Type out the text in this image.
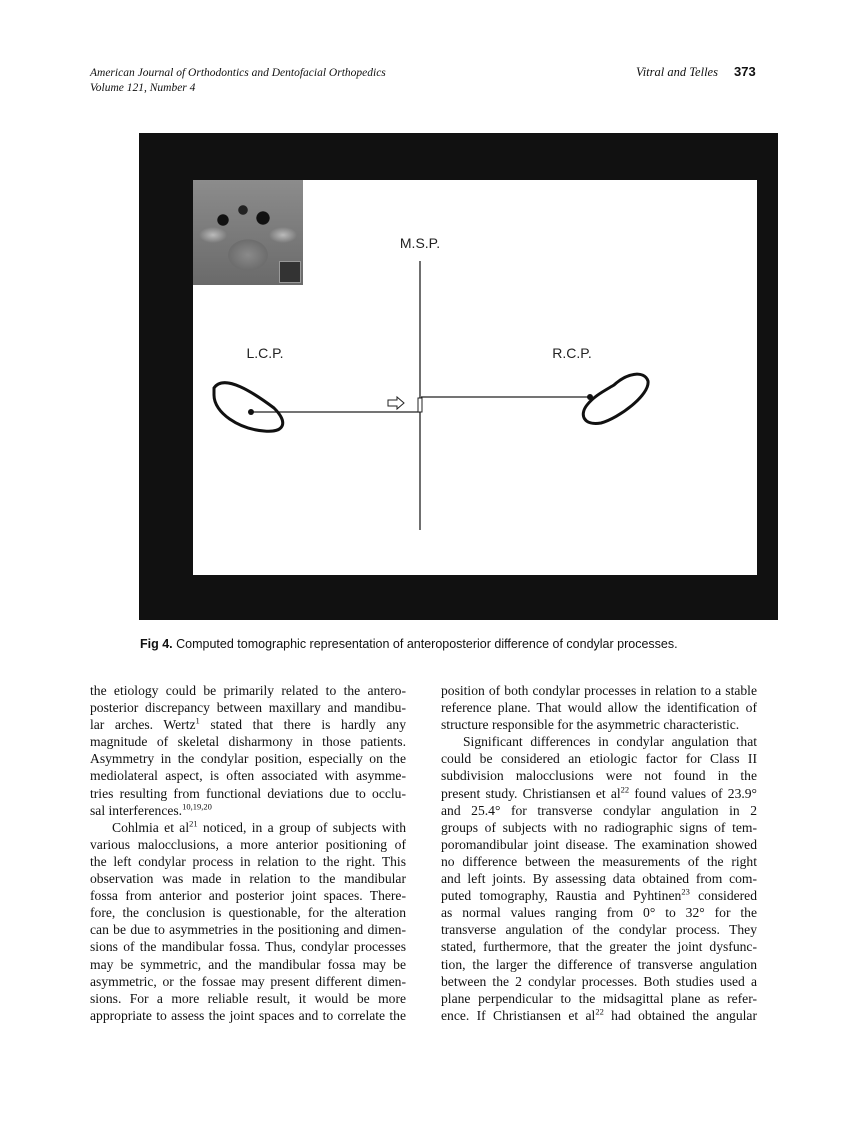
American Journal of Orthodontics and Dentofacial Orthopedics
Volume 121, Number 4
Vitral and Telles 373
M.S.P.
L.C.P.	R.C.P.
Fig 4. Computed tomographic representation of anteroposterior difference of condylar processes.
the etiology could be primarily related to the antero-
posterior discrepancy between maxillary and mandibu-
lar arches. Wertz$^1$ stated that there is hardly any
magnitude of skeletal disharmony in those patients.
Asymmetry in the condylar position, especially on the
mediolateral aspect, is often associated with asymme-
tries resulting from functional deviations due to occlu-
sal interferences.$^{10,19,20}$
Cohlmia et $al^{21}$ noticed, in a group of subjects with
various malocclusions, a more anterior positioning of
the left condylar process in relation to the right. This
observation was made in relation to the mandibular
fossa from anterior and posterior joint spaces. There-
fore, the conclusion is questionable, for the alteration
can be due to asymmetries in the positioning and dimen-
sions of the mandibular fossa. Thus, condylar processes
may be symmetric, and the mandibular fossa may be
asymmetric, or the fossae may present different dimen-
sions. For a more reliable result, it would be more
appropriate to assess the joint spaces and to correlate the
position of both condylar processes in relation to a stable
reference plane. That would allow the identification of
structure responsible for the asymmetric characteristic.
Significant differences in condylar angulation that
could be considered an etiologic factor for Class II
subdivision malocclusions were not found in the
present study. Christiansen et $al^{22}$ found values of 23.9°
and 25.4° for transverse condylar angulation in 2
groups of subjects with no radiographic signs of tem-
poromandibular joint disease. The examination showed
no difference between the measurements of the right
and left joints. By assessing data obtained from com-
puted tomography, Raustia and Pyhtinen$^{23}$ considered
as normal values ranging from 0° to 32° for the
transverse angulation of the condylar process. They
stated, furthermore, that the greater the joint dysfunc-
tion, the larger the difference of transverse angulation
between the 2 condylar processes. Both studies used a
plane perpendicular to the midsagittal plane as refer-
ence. If Christiansen et $al^{22}$ had obtained the angular
